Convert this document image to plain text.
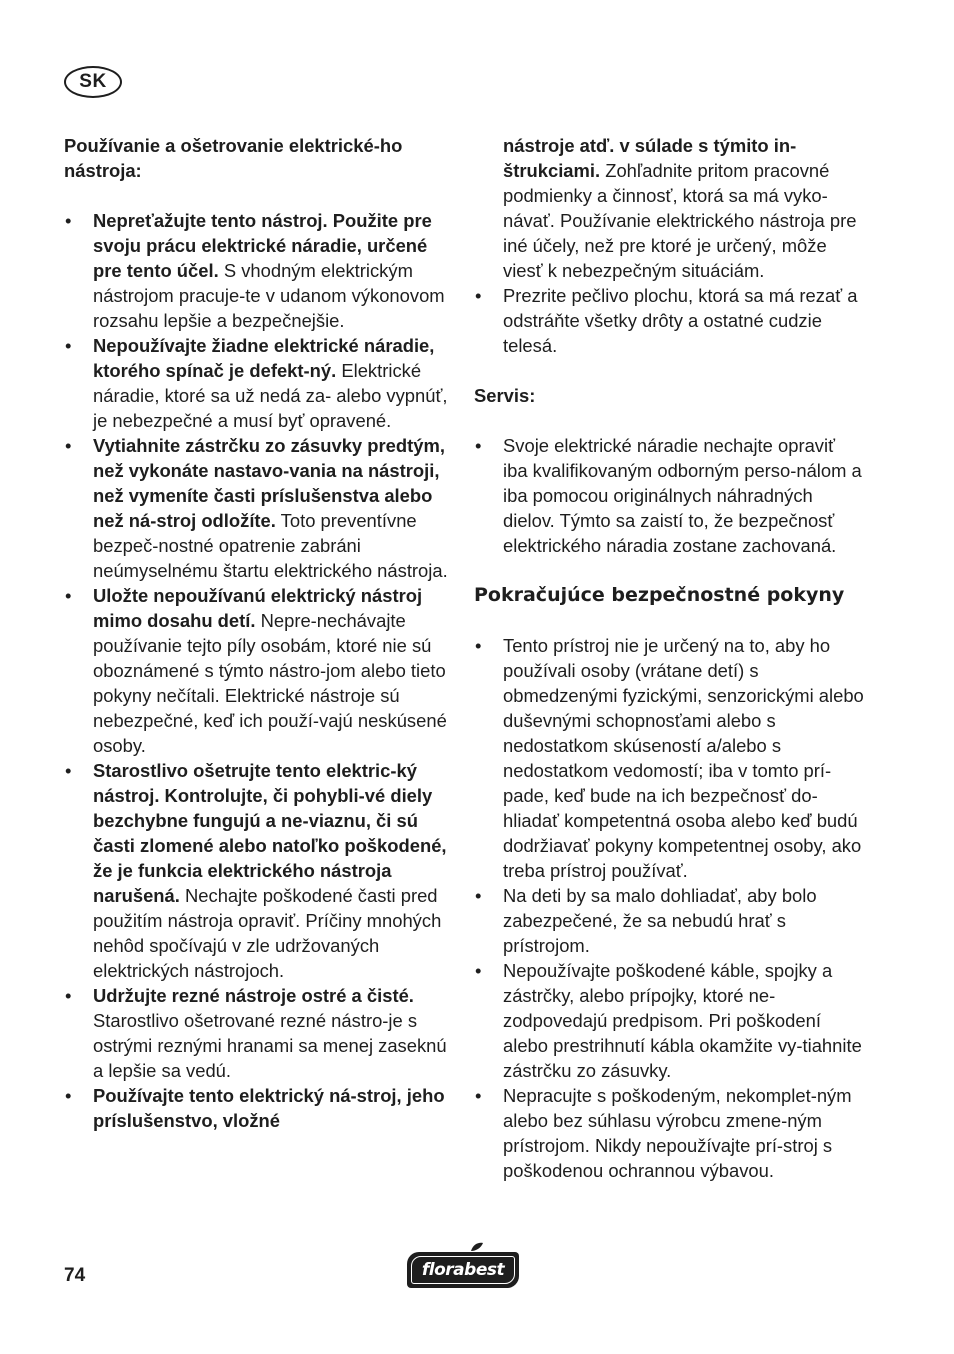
SK
Používanie a ošetrovanie elektrické-ho nástroja:
• Nepreťažujte tento nástroj. Použite pre svoju prácu elektrické náradie, určené pre tento účel. S vhodným elektrickým nástrojom pracuje-te v udanom výkonovom rozsahu lepšie a bezpečnejšie.
• Nepoužívajte žiadne elektrické náradie, ktorého spínač je defekt-ný. Elektrické náradie, ktoré sa už nedá za- alebo vypnúť, je nebezpečné a musí byť opravené.
• Vytiahnite zástrčku zo zásuvky predtým, než vykonáte nastavo-vania na nástroji, než vymeníte časti príslušenstva alebo než ná-stroj odložíte. Toto preventívne bezpeč-nostné opatrenie zabráni neúmyselnému štartu elektrického nástroja.
• Uložte nepoužívanú elektrický nástroj mimo dosahu detí. Nepre-nechávajte používanie tejto píly osobám, ktoré nie sú oboznámené s týmto nástro-jom alebo tieto pokyny nečítali. Elektrické nástroje sú nebezpečné, keď ich použí-vajú neskúsené osoby.
• Starostlivo ošetrujte tento elektric-ký nástroj. Kontrolujte, či pohybli-vé diely bezchybne fungujú a ne-viaznu, či sú časti zlomené alebo natoľko poškodené, že je funkcia elektrického nástroja narušená. Nechajte poškodené časti pred použitím nástroja opraviť. Príčiny mnohých nehôd spočívajú v zle udržovaných elektrických nástrojoch.
• Udržujte rezné nástroje ostré a čisté. Starostlivo ošetrované rezné nástro-je s ostrými reznými hranami sa menej zaseknú a lepšie sa vedú.
• Používajte tento elektrický ná-stroj, jeho príslušenstvo, vložné
nástroje atď. v súlade s týmito in-štrukciami. Zohľadnite pritom pracovné podmienky a činnosť, ktorá sa má vyko-návať. Používanie elektrického nástroja pre iné účely, než pre ktoré je určený, môže viesť k nebezpečným situáciám.
• Prezrite pečlivo plochu, ktorá sa má rezať a odstráňte všetky drôty a ostatné cudzie telesá.
Servis:
• Svoje elektrické náradie nechajte opraviť iba kvalifikovaným odborným perso-nálom a iba pomocou originálnych náhradných dielov. Týmto sa zaistí to, že bezpečnosť elektrického náradia zostane zachovaná.
Pokračujúce bezpečnostné pokyny
• Tento prístroj nie je určený na to, aby ho používali osoby (vrátane detí) s obmedzenými fyzickými, senzorickými alebo duševnými schopnosťami alebo s nedostatkom skúseností a/alebo s nedostatkom vedomostí; iba v tomto prí-pade, keď bude na ich bezpečnosť do-hliadať kompetentná osoba alebo keď budú dodržiavať pokyny kompetentnej osoby, ako treba prístroj používať.
• Na deti by sa malo dohliadať, aby bolo zabezpečené, že sa nebudú hrať s prístrojom.
• Nepoužívajte poškodené káble, spojky a zástrčky, alebo prípojky, ktoré ne-zodpovedajú predpisom. Pri poškodení alebo prestrihnutí kábla okamžite vy-tiahnite zástrčku zo zásuvky.
• Nepracujte s poškodeným, nekomplet-ným alebo bez súhlasu výrobcu zmene-ným prístrojom. Nikdy nepoužívajte prí-stroj s poškodenou ochrannou výbavou.
74	florabest
